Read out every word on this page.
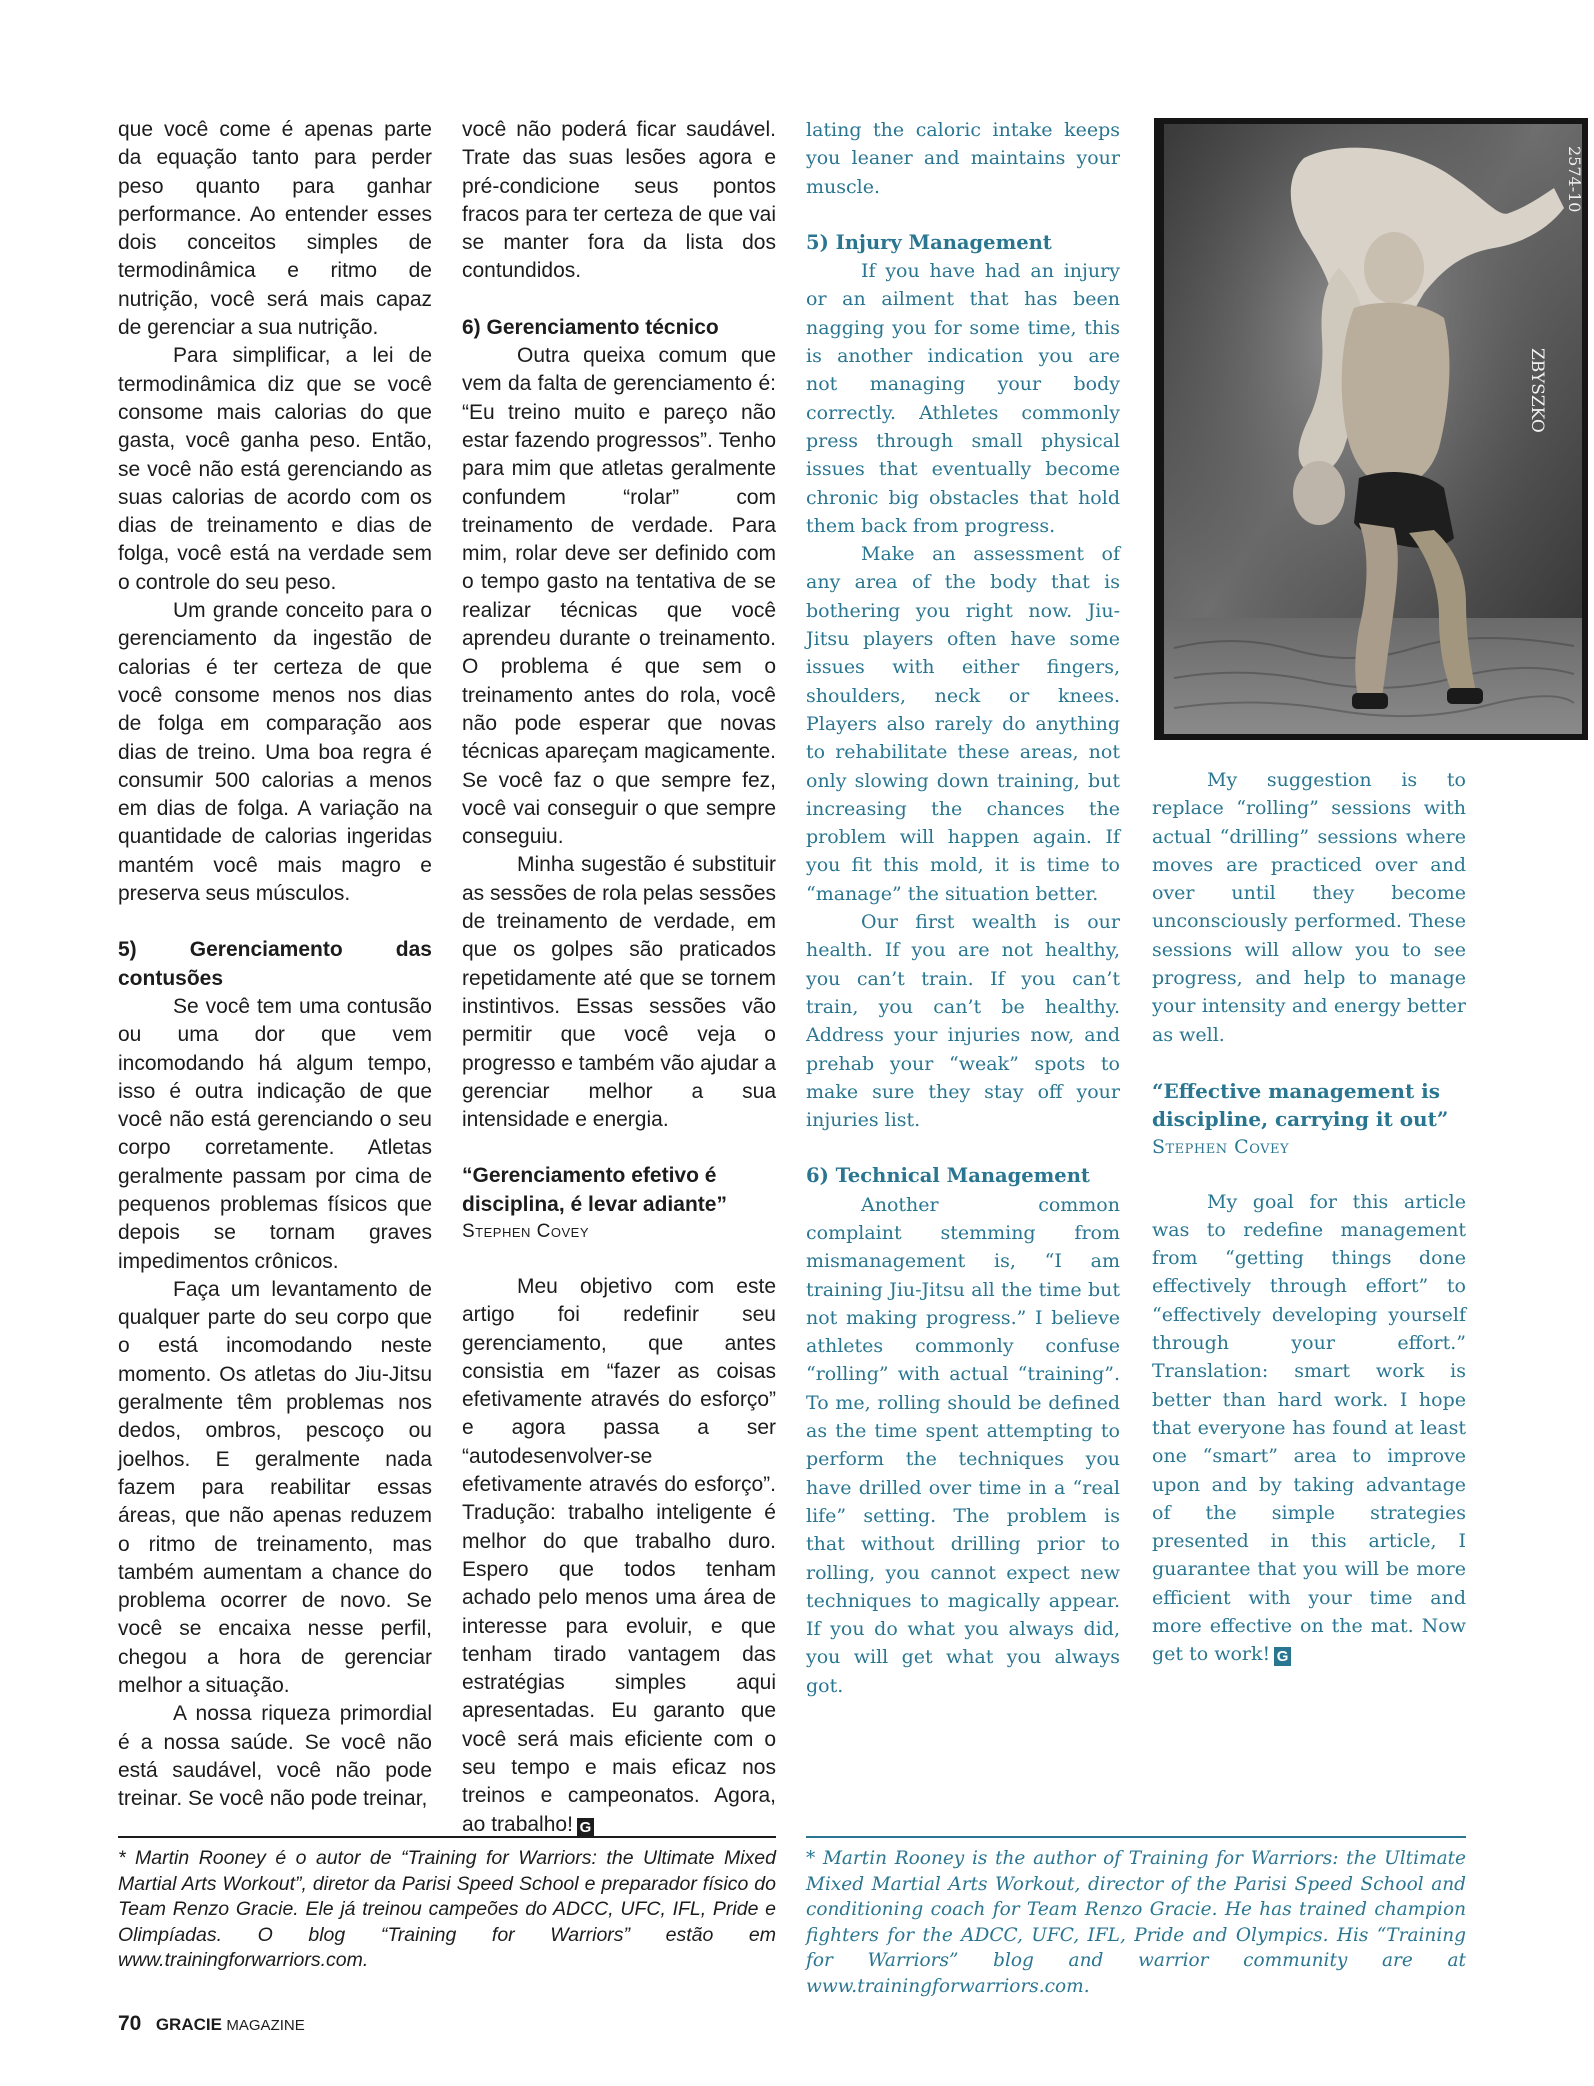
que você come é apenas parte da equação tanto para perder peso quanto para ganhar performance. Ao entender esses dois conceitos simples de termodinâmica e ritmo de nutrição, você será mais capaz de gerenciar a sua nutrição.

Para simplificar, a lei de termodinâmica diz que se você consome mais calorias do que gasta, você ganha peso. Então, se você não está gerenciando as suas calorias de acordo com os dias de treinamento e dias de folga, você está na verdade sem o controle do seu peso.

Um grande conceito para o gerenciamento da ingestão de calorias é ter certeza de que você consome menos nos dias de folga em comparação aos dias de treino. Uma boa regra é consumir 500 calorias a menos em dias de folga. A variação na quantidade de calorias ingeridas mantém você mais magro e preserva seus músculos.

5) Gerenciamento das contusões

Se você tem uma contusão ou uma dor que vem incomodando há algum tempo, isso é outra indicação de que você não está gerenciando o seu corpo corretamente. Atletas geralmente passam por cima de pequenos problemas físicos que depois se tornam graves impedimentos crônicos.

Faça um levantamento de qualquer parte do seu corpo que o está incomodando neste momento. Os atletas do Jiu-Jitsu geralmente têm problemas nos dedos, ombros, pescoço ou joelhos. E geralmente nada fazem para reabilitar essas áreas, que não apenas reduzem o ritmo de treinamento, mas também aumentam a chance do problema ocorrer de novo. Se você se encaixa nesse perfil, chegou a hora de gerenciar melhor a situação.

A nossa riqueza primordial é a nossa saúde. Se você não está saudável, você não pode treinar. Se você não pode treinar,

você não poderá ficar saudável. Trate das suas lesões agora e pré-condicione seus pontos fracos para ter certeza de que vai se manter fora da lista dos contundidos.

6) Gerenciamento técnico

Outra queixa comum que vem da falta de gerenciamento é: “Eu treino muito e pareço não estar fazendo progressos”. Tenho para mim que atletas geralmente confundem “rolar” com treinamento de verdade. Para mim, rolar deve ser definido com o tempo gasto na tentativa de se realizar técnicas que você aprendeu durante o treinamento. O problema é que sem o treinamento antes do rola, você não pode esperar que novas técnicas apareçam magicamente. Se você faz o que sempre fez, você vai conseguir o que sempre conseguiu.

Minha sugestão é substituir as sessões de rola pelas sessões de treinamento de verdade, em que os golpes são praticados repetidamente até que se tornem instintivos. Essas sessões vão permitir que você veja o progresso e também vão ajudar a gerenciar melhor a sua intensidade e energia.

“Gerenciamento efetivo é disciplina, é levar adiante”

Stephen Covey

Meu objetivo com este artigo foi redefinir seu gerenciamento, que antes consistia em “fazer as coisas efetivamente através do esforço” e agora passa a ser “autodesenvolver-se efetivamente através do esforço”. Tradução: trabalho inteligente é melhor do que trabalho duro. Espero que todos tenham achado pelo menos uma área de interesse para evoluir, e que tenham tirado vantagem das estratégias simples aqui apresentadas. Eu garanto que você será mais eficiente com o seu tempo e mais eficaz nos treinos e campeonatos. Agora, ao trabalho! G

lating the caloric intake keeps you leaner and maintains your muscle.

5) Injury Management

If you have had an injury or an ailment that has been nagging you for some time, this is another indication you are not managing your body correctly. Athletes commonly press through small physical issues that eventually become chronic big obstacles that hold them back from progress.

Make an assessment of any area of the body that is bothering you right now. Jiu-Jitsu players often have some issues with either fingers, shoulders, neck or knees. Players also rarely do anything to rehabilitate these areas, not only slowing down training, but increasing the chances the problem will happen again. If you fit this mold, it is time to “manage” the situation better.

Our first wealth is our health. If you are not healthy, you can’t train. If you can’t train, you can’t be healthy. Address your injuries now, and prehab your “weak” spots to make sure they stay off your injuries list.

6) Technical Management

Another common complaint stemming from mismanagement is, “I am training Jiu-Jitsu all the time but not making progress.” I believe athletes commonly confuse “rolling” with actual “training”. To me, rolling should be defined as the time spent attempting to perform the techniques you have drilled over time in a “real life” setting. The problem is that without drilling prior to rolling, you cannot expect new techniques to magically appear. If you do what you always did, you will get what you always got.

2574-10
ZBYSZKO

My suggestion is to replace “rolling” sessions with actual “drilling” sessions where moves are practiced over and over until they become unconsciously performed. These sessions will allow you to see progress, and help to manage your intensity and energy better as well.

“Effective management is discipline, carrying it out”

Stephen Covey

My goal for this article was to redefine management from “getting things done effectively through effort” to “effectively developing yourself through your effort.” Translation: smart work is better than hard work. I hope that everyone has found at least one “smart” area to improve upon and by taking advantage of the simple strategies presented in this article, I guarantee that you will be more efficient with your time and more effective on the mat. Now get to work! G

* Martin Rooney é o autor de “Training for Warriors: the Ultimate Mixed Martial Arts Workout”, diretor da Parisi Speed School e preparador físico do Team Renzo Gracie. Ele já treinou campeões do ADCC, UFC, IFL, Pride e Olimpíadas. O blog “Training for Warriors” estão em www.trainingforwarriors.com.

* Martin Rooney is the author of Training for Warriors: the Ultimate Mixed Martial Arts Workout, director of the Parisi Speed School and conditioning coach for Team Renzo Gracie. He has trained champion fighters for the ADCC, UFC, IFL, Pride and Olympics. His “Training for Warriors” blog and warrior community are at www.trainingforwarriors.com.

70 GRACIE MAGAZINE
